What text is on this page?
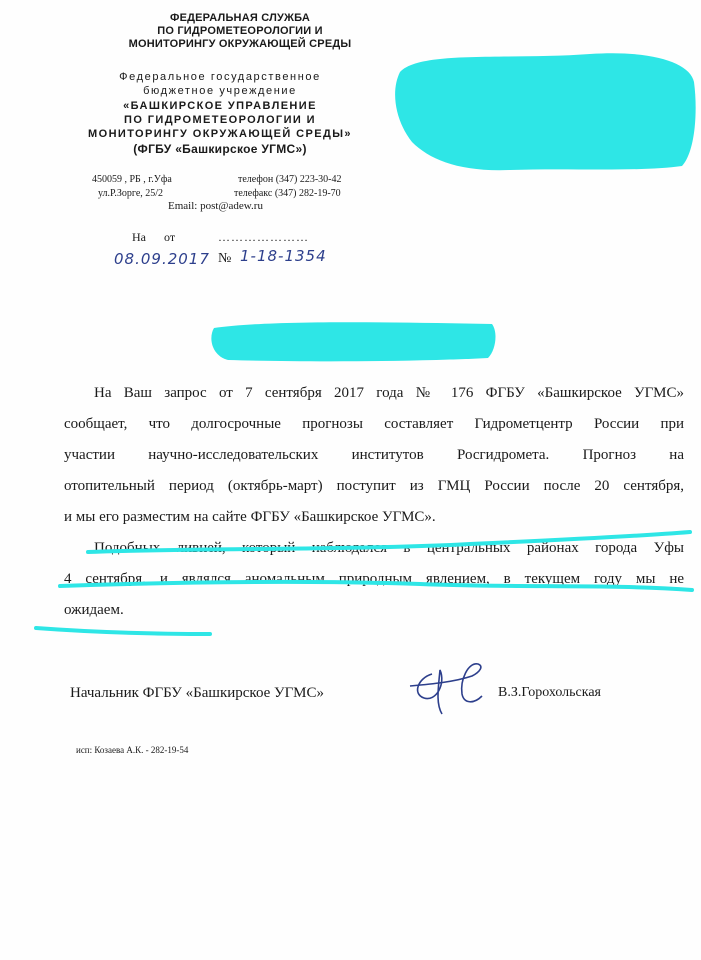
ФЕДЕРАЛЬНАЯ СЛУЖБА
ПО ГИДРОМЕТЕОРОЛОГИИ И
МОНИТОРИНГУ ОКРУЖАЮЩЕЙ СРЕДЫ
Федеральное государственное
бюджетное учреждение
«БАШКИРСКОЕ УПРАВЛЕНИЕ
ПО ГИДРОМЕТЕОРОЛОГИИ И
МОНИТОРИНГУ ОКРУЖАЮЩЕЙ СРЕДЫ»
(ФГБУ «Башкирское УГМС»)
450059 , РБ , г.Уфа
ул.Р.Зорге, 25/2
телефон (347) 223-30-42
телефакс (347) 282-19-70
Email: post@adew.ru
На от	…………………
08.09.2017 № 1-18-1354
На Ваш запрос от 7 сентября 2017 года № 176 ФГБУ «Башкирское УГМС»
сообщает, что долгосрочные прогнозы составляет Гидрометцентр России при
участии научно-исследовательских институтов Росгидромета. Прогноз на
отопительный период (октябрь-март) поступит из ГМЦ России после 20 сентября,
и мы его разместим на сайте ФГБУ «Башкирское УГМС».
Подобных ливней, который наблюдался в центральных районах города Уфы
4 сентября, и являлся аномальным природным явлением, в текущем году мы не
ожидаем.
Начальник ФГБУ «Башкирское УГМС»	В.З.Горохольская
исп: Козаева А.К. - 282-19-54
